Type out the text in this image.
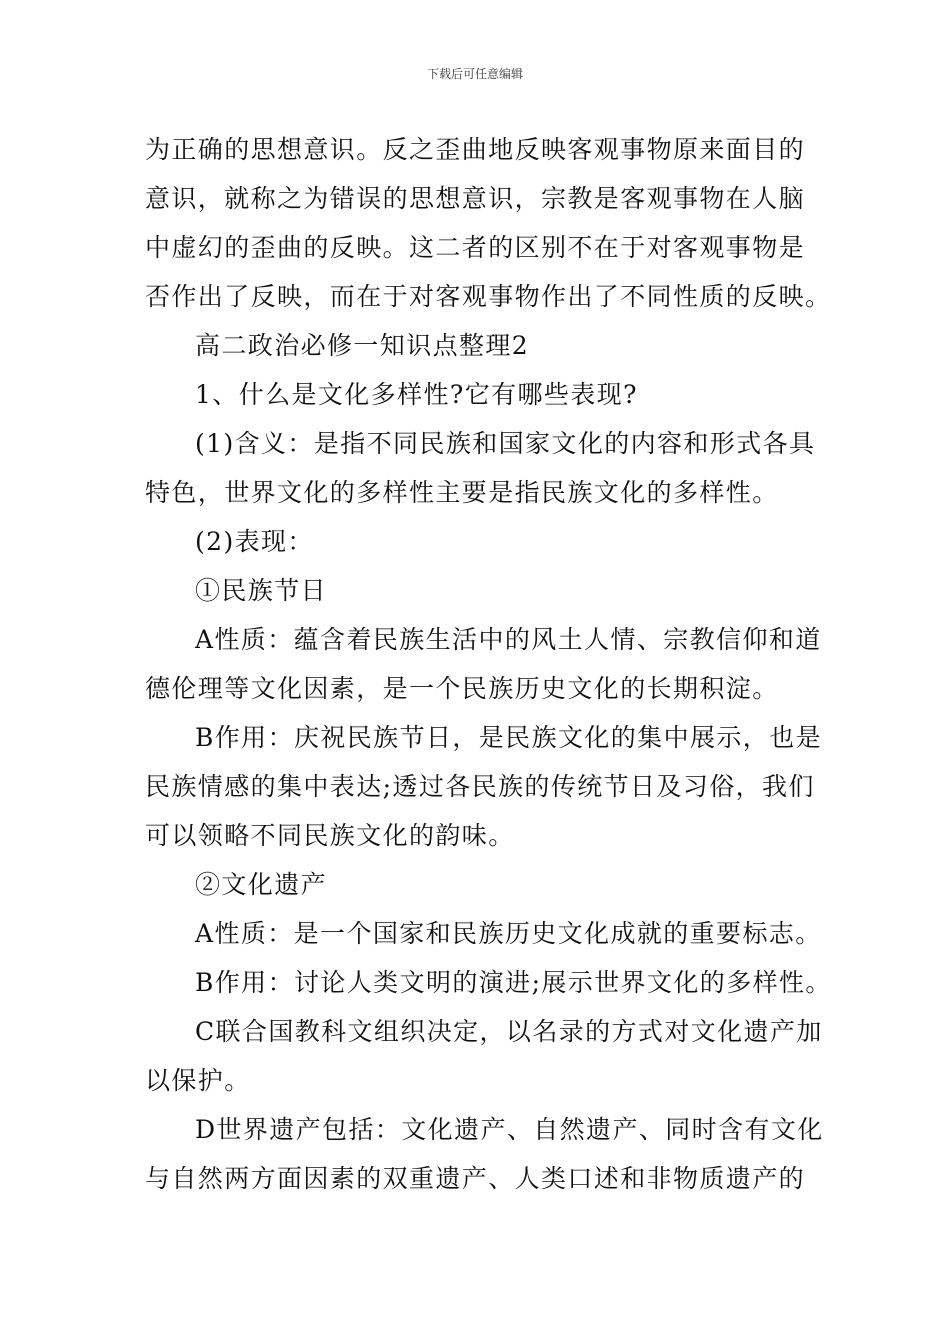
下载后可任意编辑

为正确的思想意识。反之歪曲地反映客观事物原来面目的

意识，就称之为错误的思想意识，宗教是客观事物在人脑

中虚幻的歪曲的反映。这二者的区别不在于对客观事物是

否作出了反映，而在于对客观事物作出了不同性质的反映。

高二政治必修一知识点整理2

1、什么是文化多样性?它有哪些表现?

(1)含义：是指不同民族和国家文化的内容和形式各具

特色，世界文化的多样性主要是指民族文化的多样性。

(2)表现：

①民族节日

A性质：蕴含着民族生活中的风土人情、宗教信仰和道

德伦理等文化因素，是一个民族历史文化的长期积淀。

B作用：庆祝民族节日，是民族文化的集中展示，也是

民族情感的集中表达;透过各民族的传统节日及习俗，我们

可以领略不同民族文化的韵味。

②文化遗产

A性质：是一个国家和民族历史文化成就的重要标志。

B作用：讨论人类文明的演进;展示世界文化的多样性。

C联合国教科文组织决定，以名录的方式对文化遗产加

以保护。

D世界遗产包括：文化遗产、自然遗产、同时含有文化

与自然两方面因素的双重遗产、人类口述和非物质遗产的
